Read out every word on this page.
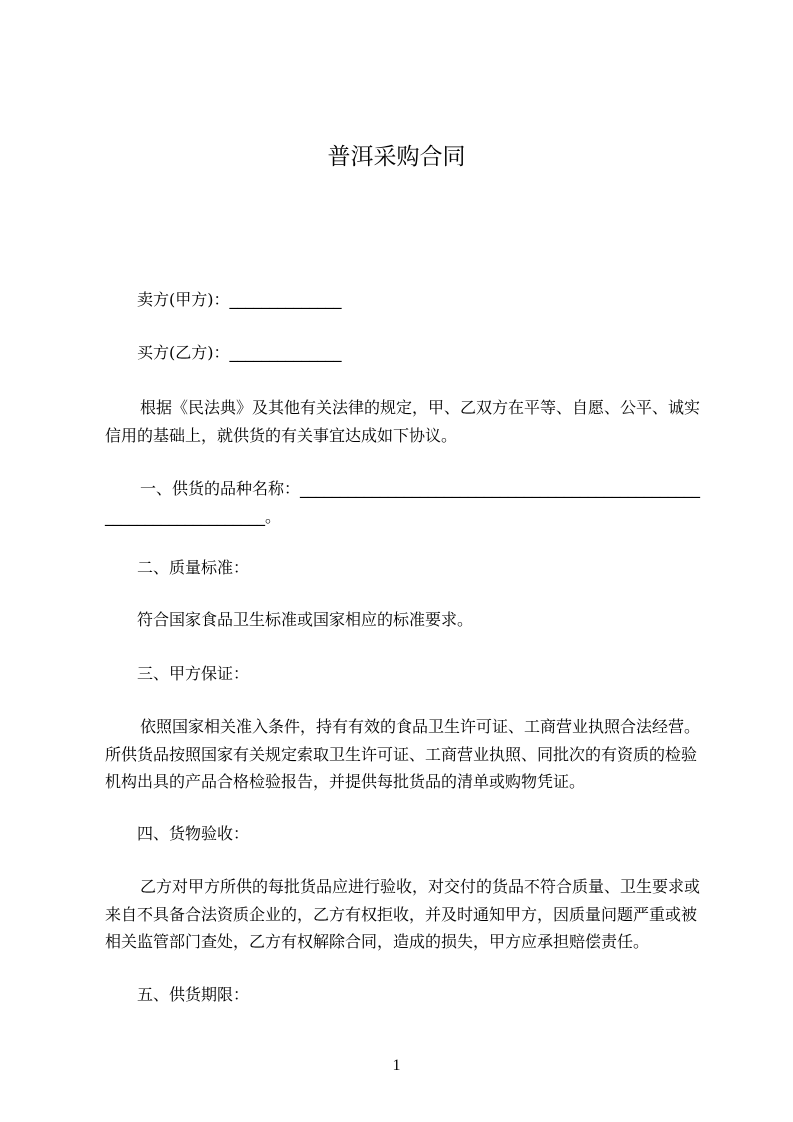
普洱采购合同
卖方(甲方)：______________
买方(乙方)：______________
根据《民法典》及其他有关法律的规定，甲、乙双方在平等、自愿、公平、诚实
信用的基础上，就供货的有关事宜达成如下协议。
一、供货的品种名称：__________________________________________________
____________________。
二、质量标准：
符合国家食品卫生标准或国家相应的标准要求。
三、甲方保证：
依照国家相关准入条件，持有有效的食品卫生许可证、工商营业执照合法经营。
所供货品按照国家有关规定索取卫生许可证、工商营业执照、同批次的有资质的检验
机构出具的产品合格检验报告，并提供每批货品的清单或购物凭证。
四、货物验收：
乙方对甲方所供的每批货品应进行验收，对交付的货品不符合质量、卫生要求或
来自不具备合法资质企业的，乙方有权拒收，并及时通知甲方，因质量问题严重或被
相关监管部门查处，乙方有权解除合同，造成的损失，甲方应承担赔偿责任。
五、供货期限：
1
